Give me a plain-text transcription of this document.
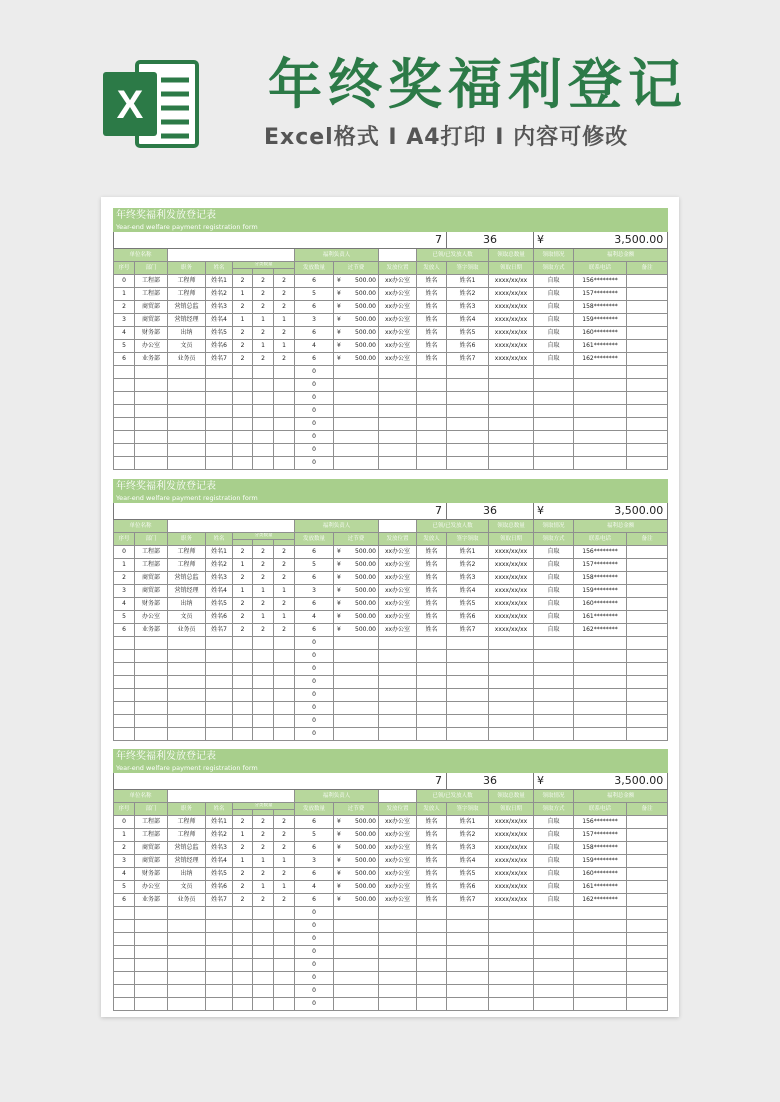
X 年终奖福利登记
Excel格式 Ⅰ A4打印 Ⅰ 内容可修改
年终奖福利发放登记表
Year-end welfare payment registration form															

7											36		¥ 3,500.00		
单位名称							福利负责人			已领/已发放人数		领取总数量	领取情况	福利总金额	
序号	部门	职务	姓名	分类数量			发放数量	过节费	发放位置	发放人	签字领取	领取日期	领取方式	联系电话	备注

0	工程部	工程师	姓名1	2	2	2	6	¥ 500.00	xx办公室	姓名	姓名1	xxxx/xx/xx	自取	156********	
1	工程部	工程师	姓名2	1	2	2	5	¥ 500.00	xx办公室	姓名	姓名2	xxxx/xx/xx	自取	157********	
2	商贸部	营销总监	姓名3	2	2	2	6	¥ 500.00	xx办公室	姓名	姓名3	xxxx/xx/xx	自取	158********	
3	商贸部	营销经理	姓名4	1	1	1	3	¥ 500.00	xx办公室	姓名	姓名4	xxxx/xx/xx	自取	159********	
4	财务部	出纳	姓名5	2	2	2	6	¥ 500.00	xx办公室	姓名	姓名5	xxxx/xx/xx	自取	160********	
5	办公室	文员	姓名6	2	1	1	4	¥ 500.00	xx办公室	姓名	姓名6	xxxx/xx/xx	自取	161********	
6	业务部	业务员	姓名7	2	2	2	6	¥ 500.00	xx办公室	姓名	姓名7	xxxx/xx/xx	自取	162********	
							0								
							0								
							0								
							0								
							0								
							0								
							0								
							0								
年终奖福利发放登记表
Year-end welfare payment registration form															

7											36		¥ 3,500.00		
单位名称							福利负责人			已领/已发放人数		领取总数量	领取情况	福利总金额	
序号	部门	职务	姓名	分类数量			发放数量	过节费	发放位置	发放人	签字领取	领取日期	领取方式	联系电话	备注

0	工程部	工程师	姓名1	2	2	2	6	¥ 500.00	xx办公室	姓名	姓名1	xxxx/xx/xx	自取	156********	
1	工程部	工程师	姓名2	1	2	2	5	¥ 500.00	xx办公室	姓名	姓名2	xxxx/xx/xx	自取	157********	
2	商贸部	营销总监	姓名3	2	2	2	6	¥ 500.00	xx办公室	姓名	姓名3	xxxx/xx/xx	自取	158********	
3	商贸部	营销经理	姓名4	1	1	1	3	¥ 500.00	xx办公室	姓名	姓名4	xxxx/xx/xx	自取	159********	
4	财务部	出纳	姓名5	2	2	2	6	¥ 500.00	xx办公室	姓名	姓名5	xxxx/xx/xx	自取	160********	
5	办公室	文员	姓名6	2	1	1	4	¥ 500.00	xx办公室	姓名	姓名6	xxxx/xx/xx	自取	161********	
6	业务部	业务员	姓名7	2	2	2	6	¥ 500.00	xx办公室	姓名	姓名7	xxxx/xx/xx	自取	162********	
							0								
							0								
							0								
							0								
							0								
							0								
							0								
							0								
年终奖福利发放登记表
Year-end welfare payment registration form															

7											36		¥ 3,500.00		
单位名称							福利负责人			已领/已发放人数		领取总数量	领取情况	福利总金额	
序号	部门	职务	姓名	分类数量			发放数量	过节费	发放位置	发放人	签字领取	领取日期	领取方式	联系电话	备注

0	工程部	工程师	姓名1	2	2	2	6	¥ 500.00	xx办公室	姓名	姓名1	xxxx/xx/xx	自取	156********	
1	工程部	工程师	姓名2	1	2	2	5	¥ 500.00	xx办公室	姓名	姓名2	xxxx/xx/xx	自取	157********	
2	商贸部	营销总监	姓名3	2	2	2	6	¥ 500.00	xx办公室	姓名	姓名3	xxxx/xx/xx	自取	158********	
3	商贸部	营销经理	姓名4	1	1	1	3	¥ 500.00	xx办公室	姓名	姓名4	xxxx/xx/xx	自取	159********	
4	财务部	出纳	姓名5	2	2	2	6	¥ 500.00	xx办公室	姓名	姓名5	xxxx/xx/xx	自取	160********	
5	办公室	文员	姓名6	2	1	1	4	¥ 500.00	xx办公室	姓名	姓名6	xxxx/xx/xx	自取	161********	
6	业务部	业务员	姓名7	2	2	2	6	¥ 500.00	xx办公室	姓名	姓名7	xxxx/xx/xx	自取	162********	
							0								
							0								
							0								
							0								
							0								
							0								
							0								
							0								
